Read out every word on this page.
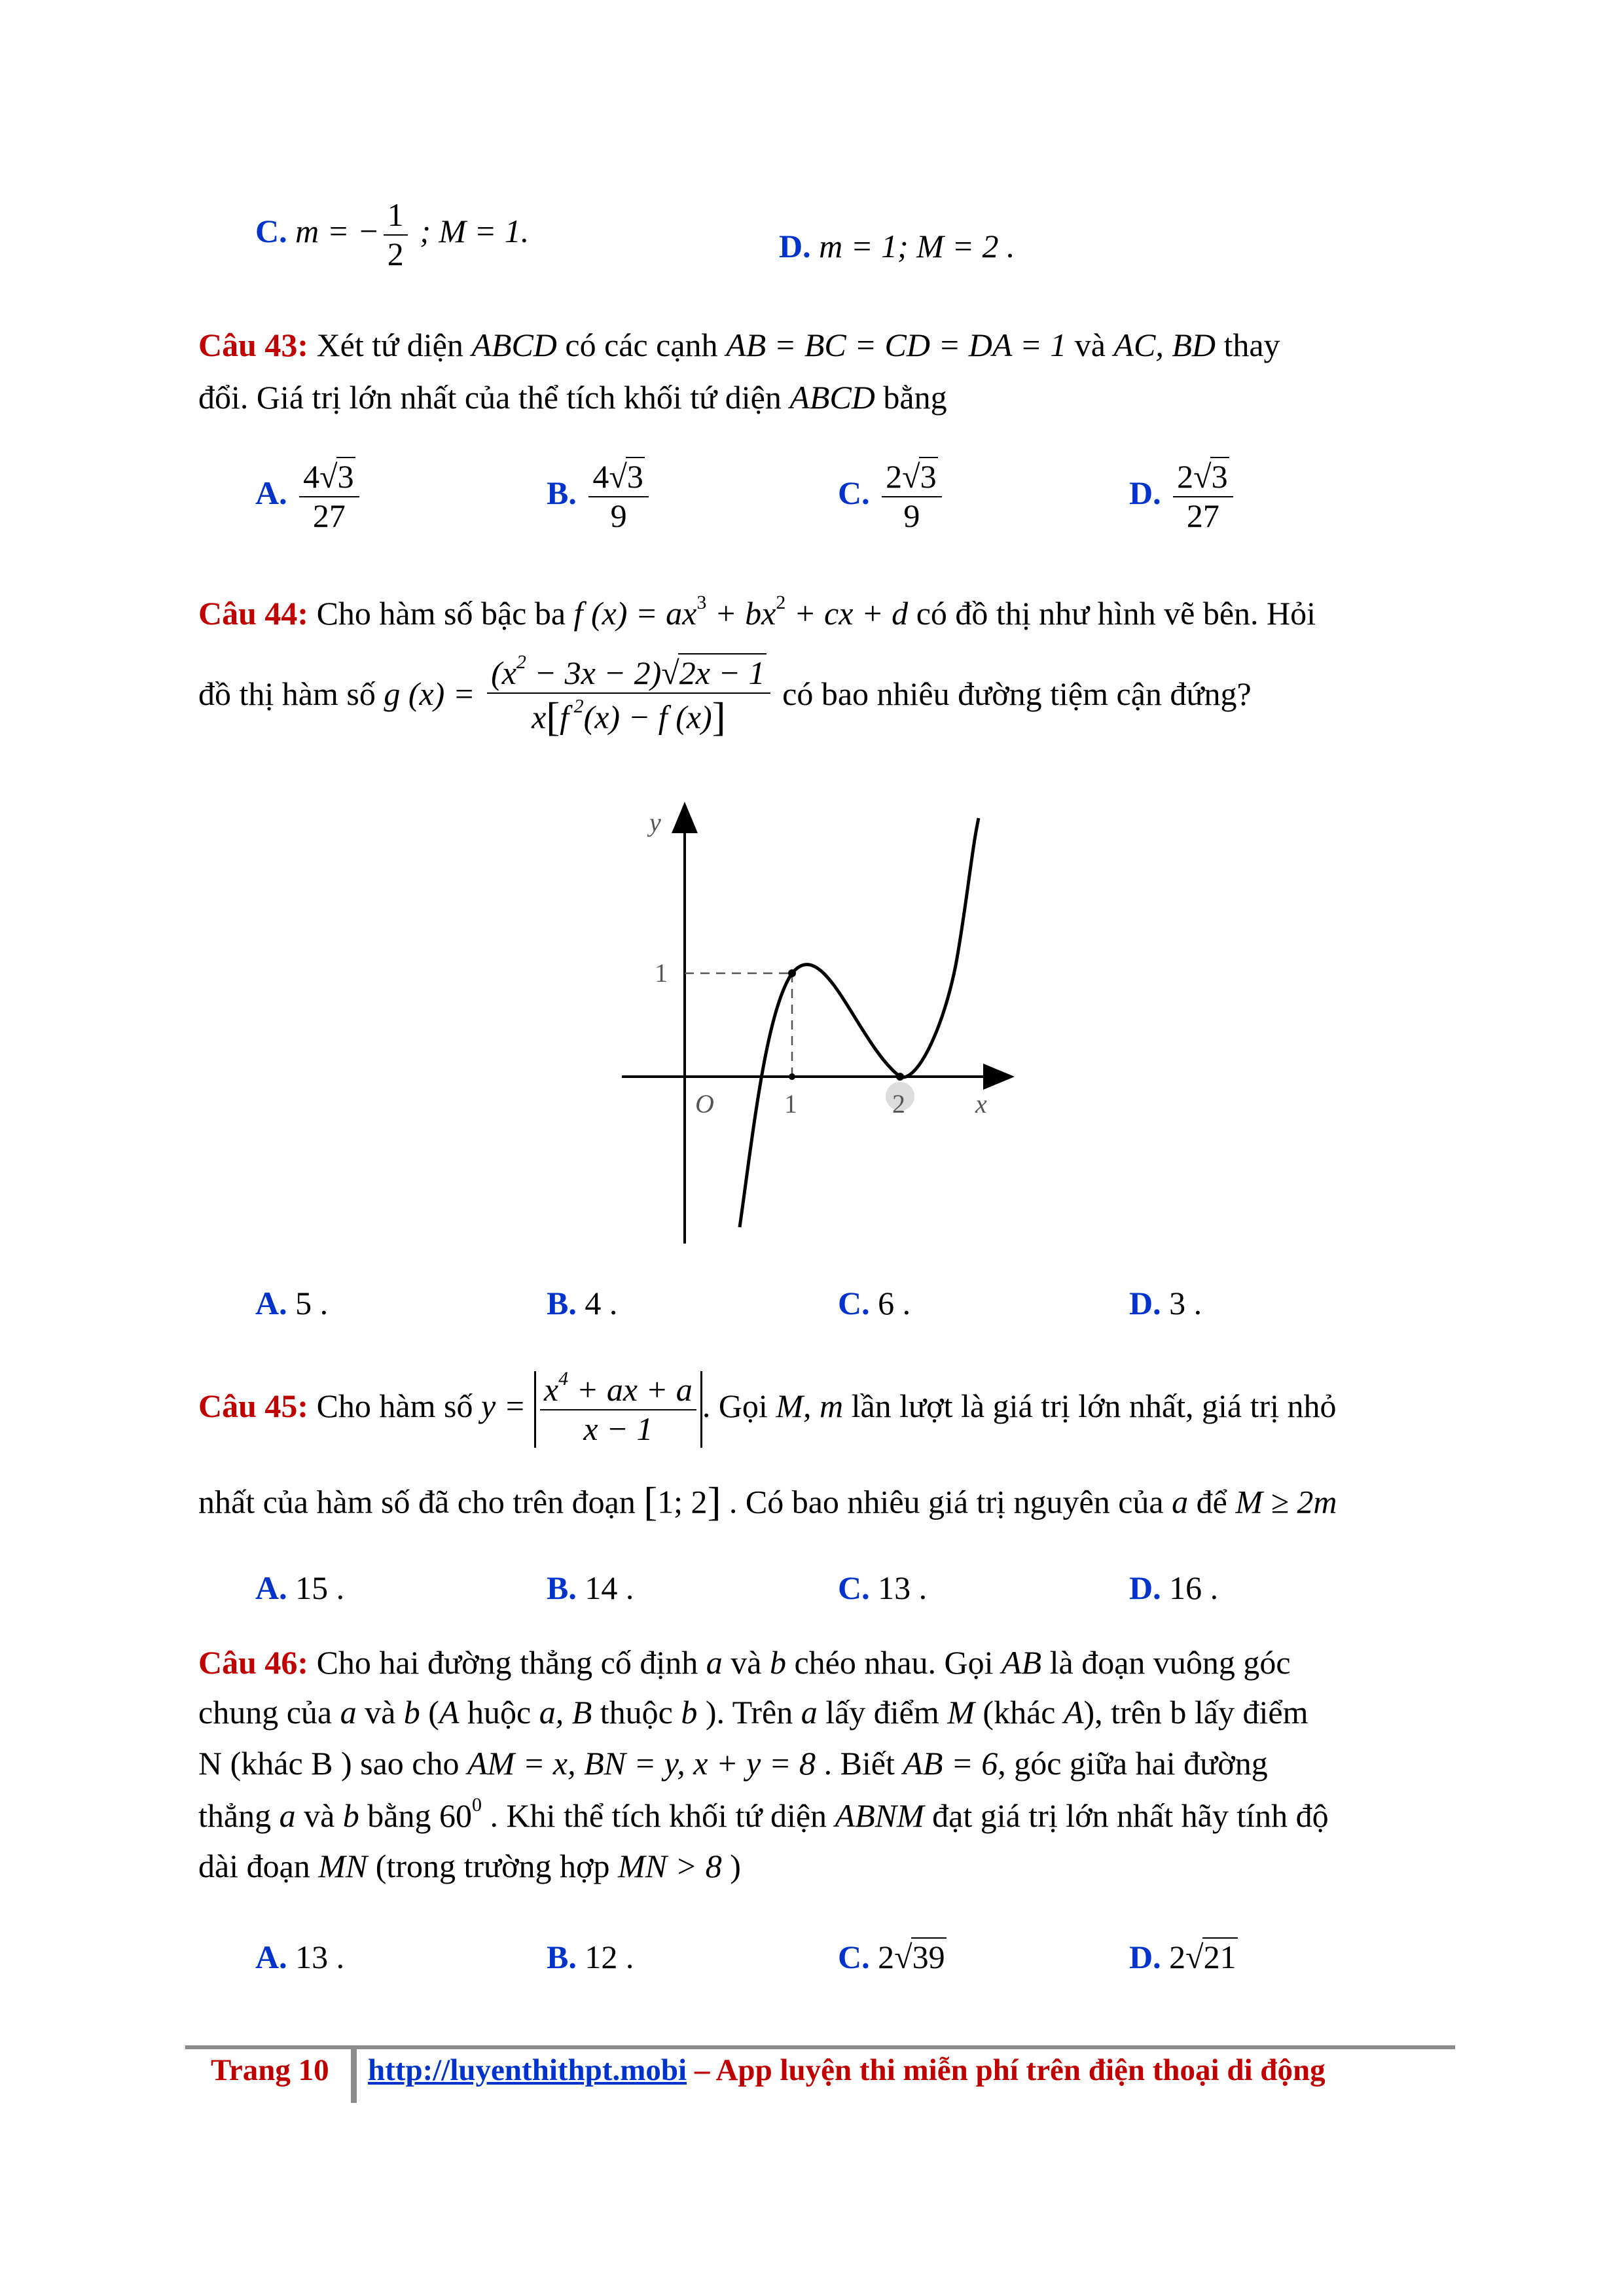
C. m = − $\frac{1}{2}$ ; M = 1.	D. m = 1; M = 2 .
Câu 43: Xét tứ diện ABCD có các cạnh AB = BC = CD = DA = 1 và AC, BD thay
đổi. Giá trị lớn nhất của thể tích khối tứ diện ABCD bằng
A. $\frac{4√3}{27}$	B. $\frac{4√3}{9}$	C. $\frac{2√3}{9}$	D. $\frac{2√3}{27}$
Câu 44: Cho hàm số bậc ba f $(x) = ax^3 + bx^2$ + cx + d có đồ thị như hình vẽ bên. Hỏi
đồ thị hàm số g $(x) = \frac{(x^2 - 3x - 2)√2x - 1}{x[f ^2(x) - f (x)]}$ có bao nhiêu đường tiệm cận đứng?
y
x
O	1	2
1
A. 5 .	B. 4 .	C. 6 .	D. 3 .
Câu 45: Cho hàm số $y = \frac{x^4 + ax + a}{x - 1}$ . Gọi M, m lần lượt là giá trị lớn nhất, giá trị nhỏ
nhất của hàm số đã cho trên đoạn [1; 2] . Có bao nhiêu giá trị nguyên của a để M ≥ 2m
A. 15 .	B. 14 .	C. 13 .	D. 16 .
Câu 46: Cho hai đường thẳng cố định a và b chéo nhau. Gọi AB là đoạn vuông góc
chung của a và b (A huộc a, B thuộc b ). Trên a lấy điểm M (khác A), trên b lấy điểm
N (khác B ) sao cho AM = x, BN = y, x + y = 8 . Biết AB = 6, góc giữa hai đường
thẳng a và b bằng $60^0$ . Khi thể tích khối tứ diện ABNM đạt giá trị lớn nhất hãy tính độ
dài đoạn MN (trong trường hợp MN > 8 )
A. 13 .	B. 12 .	C. 2√39	D. 2√21
Trang 10 http://luyenthithpt.mobi – App luyện thi miễn phí trên điện thoại di động
